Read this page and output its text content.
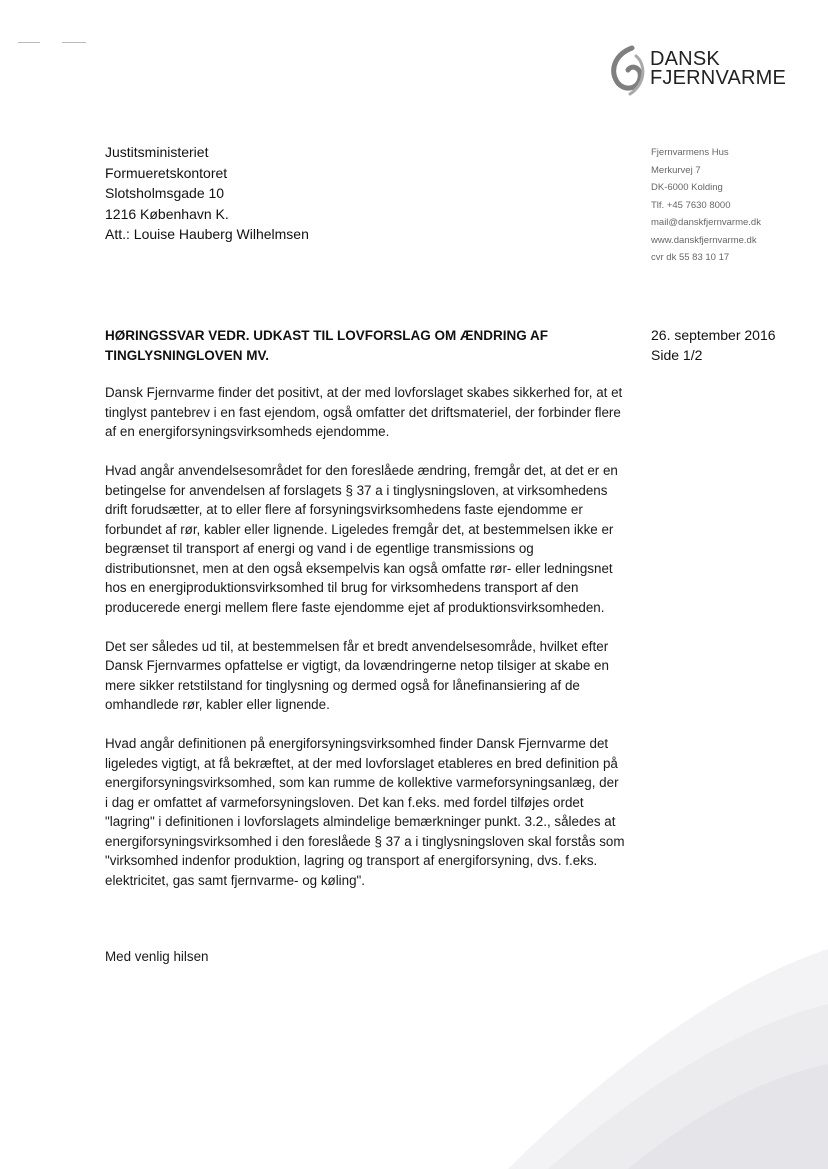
DANSK
FJERNVARME
Justitsministeriet
Formueretskontoret
Slotsholmsgade 10
1216 København K.
Att.: Louise Hauberg Wilhelmsen
Fjernvarmens Hus
Merkurvej 7
DK-6000 Kolding
Tlf. +45 7630 8000
mail@danskfjernvarme.dk
www.danskfjernvarme.dk
cvr dk 55 83 10 17
HØRINGSSVAR VEDR. UDKAST TIL LOVFORSLAG OM ÆNDRING AF TINGLYSNINGLOVEN MV.
26. september 2016
Side 1/2

Dansk Fjernvarme finder det positivt, at der med lovforslaget skabes sikkerhed for, at et tinglyst pantebrev i en fast ejendom, også omfatter det driftsmateriel, der forbinder flere af en energiforsyningsvirksomheds ejendomme.

Hvad angår anvendelsesområdet for den foreslåede ændring, fremgår det, at det er en betingelse for anvendelsen af forslagets § 37 a i tinglysningsloven, at virksomhedens drift forudsætter, at to eller flere af forsyningsvirksomhedens faste ejendomme er forbundet af rør, kabler eller lignende. Ligeledes fremgår det, at bestemmelsen ikke er begrænset til transport af energi og vand i de egentlige transmissions og distributionsnet, men at den også eksempelvis kan også omfatte rør- eller ledningsnet hos en energiproduktionsvirksomhed til brug for virksomhedens transport af den producerede energi mellem flere faste ejendomme ejet af produktionsvirksomheden.

Det ser således ud til, at bestemmelsen får et bredt anvendelsesområde, hvilket efter Dansk Fjernvarmes opfattelse er vigtigt, da lovændringerne netop tilsiger at skabe en mere sikker retstilstand for tinglysning og dermed også for lånefinansiering af de omhandlede rør, kabler eller lignende.

Hvad angår definitionen på energiforsyningsvirksomhed finder Dansk Fjernvarme det ligeledes vigtigt, at få bekræftet, at der med lovforslaget etableres en bred definition på energiforsyningsvirksomhed, som kan rumme de kollektive varmeforsyningsanlæg, der i dag er omfattet af varmeforsyningsloven. Det kan f.eks. med fordel tilføjes ordet "lagring" i definitionen i lovforslagets almindelige bemærkninger punkt. 3.2., således at energiforsyningsvirksomhed i den foreslåede § 37 a i tinglysningsloven skal forstås som "virksomhed indenfor produktion, lagring og transport af energiforsyning, dvs. f.eks. elektricitet, gas samt fjernvarme- og køling".

Med venlig hilsen
